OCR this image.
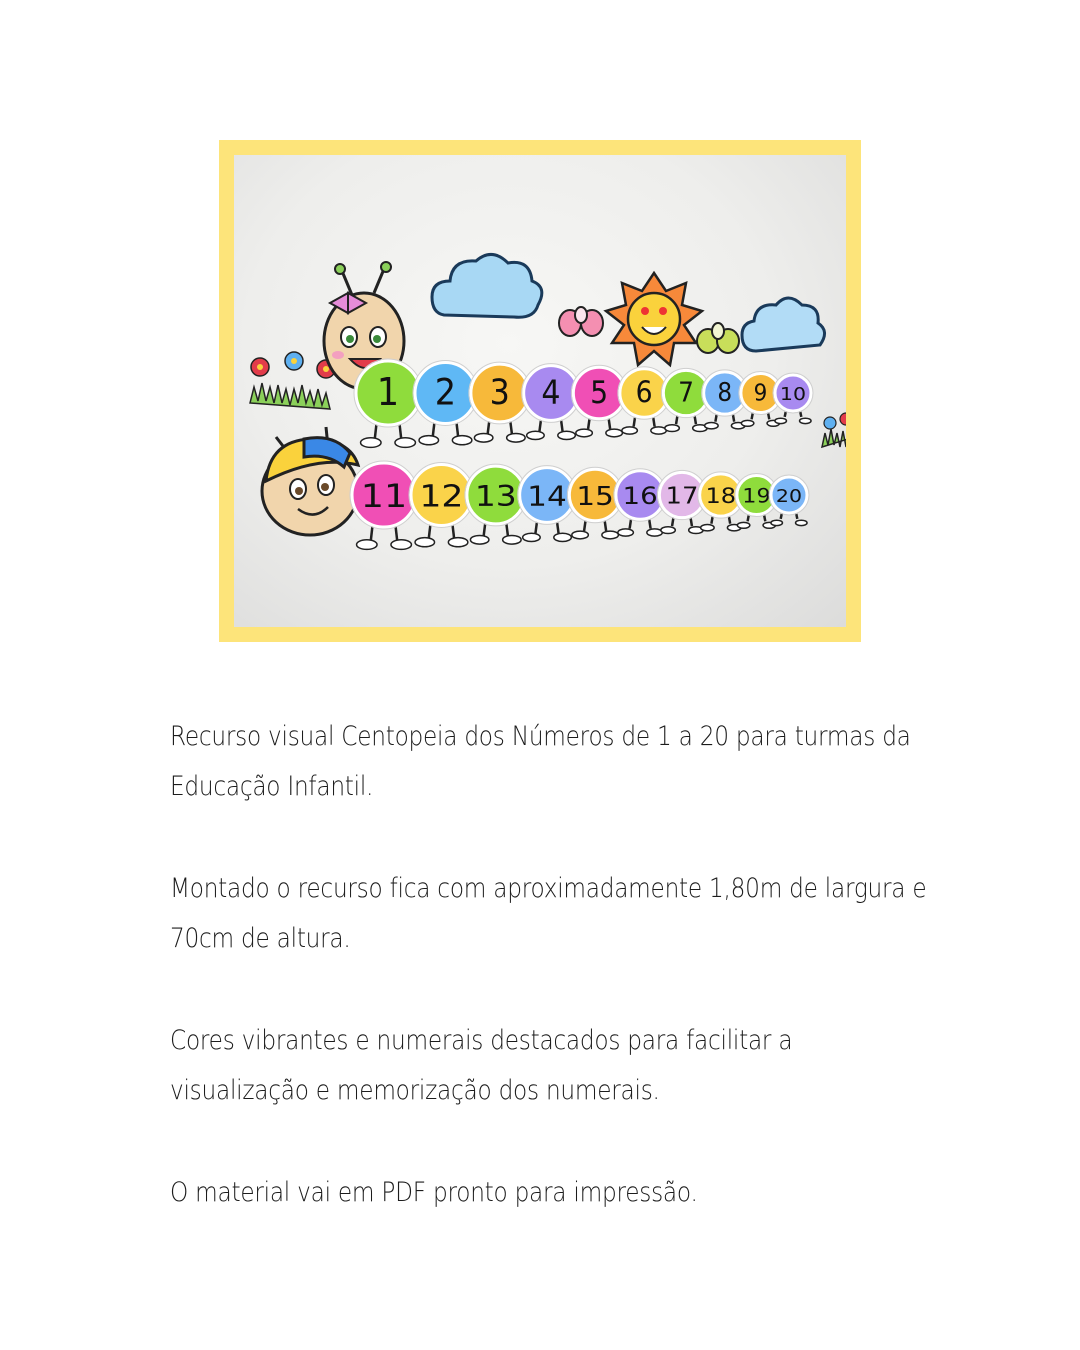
1 2 3 4 5 6 7 8 9 10
11 12 13 14 15 16 17 18 19 20

Recurso visual Centopeia dos Números de 1 a 20 para turmas da Educação Infantil.

Montado o recurso fica com aproximadamente 1,80m de largura e 70cm de altura.

Cores vibrantes e numerais destacados para facilitar a visualização e memorização dos numerais.

O material vai em PDF pronto para impressão.
